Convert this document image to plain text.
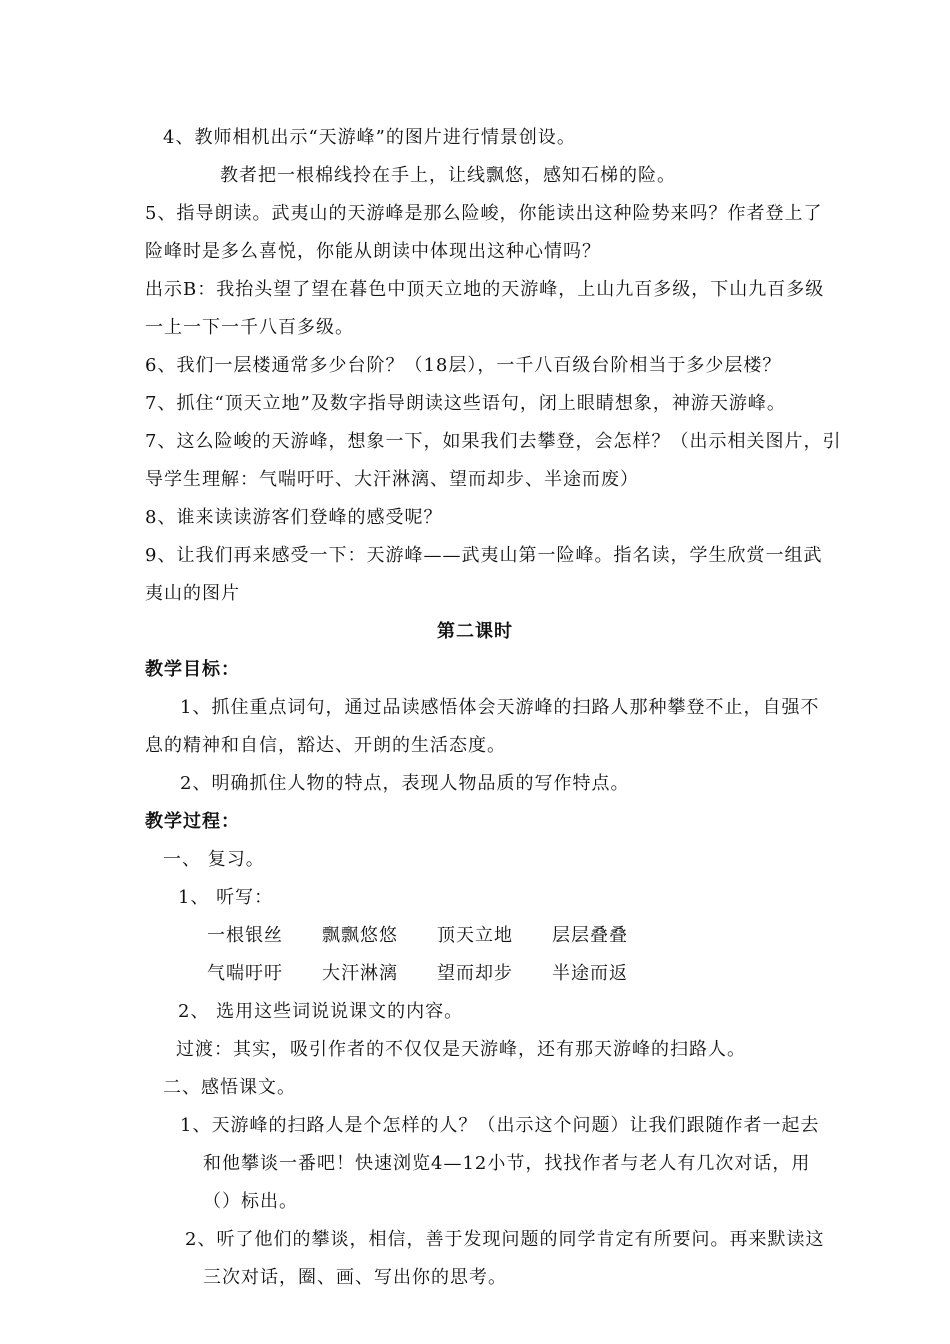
4、教师相机出示“天游峰”的图片进行情景创设。
教者把一根棉线拎在手上，让线飘悠，感知石梯的险。
5、指导朗读。武夷山的天游峰是那么险峻，你能读出这种险势来吗？作者登上了
险峰时是多么喜悦，你能从朗读中体现出这种心情吗？
出示B：我抬头望了望在暮色中顶天立地的天游峰，上山九百多级，下山九百多级
一上一下一千八百多级。
6、我们一层楼通常多少台阶？（18层），一千八百级台阶相当于多少层楼？
7、抓住“顶天立地”及数字指导朗读这些语句，闭上眼睛想象，神游天游峰。
7、这么险峻的天游峰，想象一下，如果我们去攀登，会怎样？（出示相关图片，引
导学生理解：气喘吁吁、大汗淋漓、望而却步、半途而废）
8、谁来读读游客们登峰的感受呢？
9、让我们再来感受一下：天游峰——武夷山第一险峰。指名读，学生欣赏一组武
夷山的图片
第二课时
教学目标：
1、抓住重点词句，通过品读感悟体会天游峰的扫路人那种攀登不止，自强不
息的精神和自信，豁达、开朗的生活态度。
2、明确抓住人物的特点，表现人物品质的写作特点。
教学过程：
一、 复习。
1、 听写：
一根银丝 飘飘悠悠 顶天立地 层层叠叠
气喘吁吁 大汗淋漓 望而却步 半途而返
2、 选用这些词说说课文的内容。
过渡：其实，吸引作者的不仅仅是天游峰，还有那天游峰的扫路人。
二、感悟课文。
1、天游峰的扫路人是个怎样的人？（出示这个问题）让我们跟随作者一起去
和他攀谈一番吧！快速浏览4—12小节，找找作者与老人有几次对话，用
（）标出。
2、听了他们的攀谈，相信，善于发现问题的同学肯定有所要问。再来默读这
三次对话，圈、画、写出你的思考。
